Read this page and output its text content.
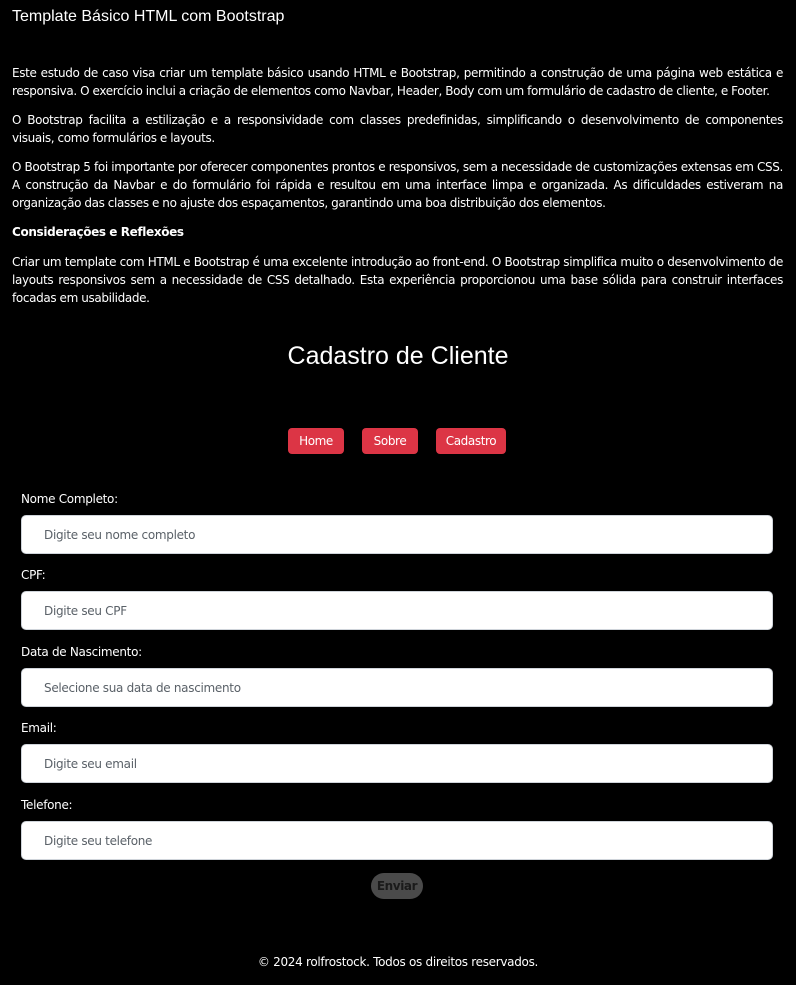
Template Básico HTML com Bootstrap

Este estudo de caso visa criar um template básico usando HTML e Bootstrap, permitindo a construção de uma página web estática e responsiva. O exercício inclui a criação de elementos como Navbar, Header, Body com um formulário de cadastro de cliente, e Footer.

O Bootstrap facilita a estilização e a responsividade com classes predefinidas, simplificando o desenvolvimento de componentes visuais, como formulários e layouts.

O Bootstrap 5 foi importante por oferecer componentes prontos e responsivos, sem a necessidade de customizações extensas em CSS. A construção da Navbar e do formulário foi rápida e resultou em uma interface limpa e organizada. As dificuldades estiveram na organização das classes e no ajuste dos espaçamentos, garantindo uma boa distribuição dos elementos.

Considerações e Reflexões

Criar um template com HTML e Bootstrap é uma excelente introdução ao front-end. O Bootstrap simplifica muito o desenvolvimento de layouts responsivos sem a necessidade de CSS detalhado. Esta experiência proporcionou uma base sólida para construir interfaces focadas em usabilidade.

Cadastro de Cliente
Home	Sobre	Cadastro
Nome Completo:
Digite seu nome completo
CPF:
Digite seu CPF
Data de Nascimento:
Selecione sua data de nascimento
Email:
Digite seu email
Telefone:
Digite seu telefone
Enviar

© 2024 rolfrostock. Todos os direitos reservados.
